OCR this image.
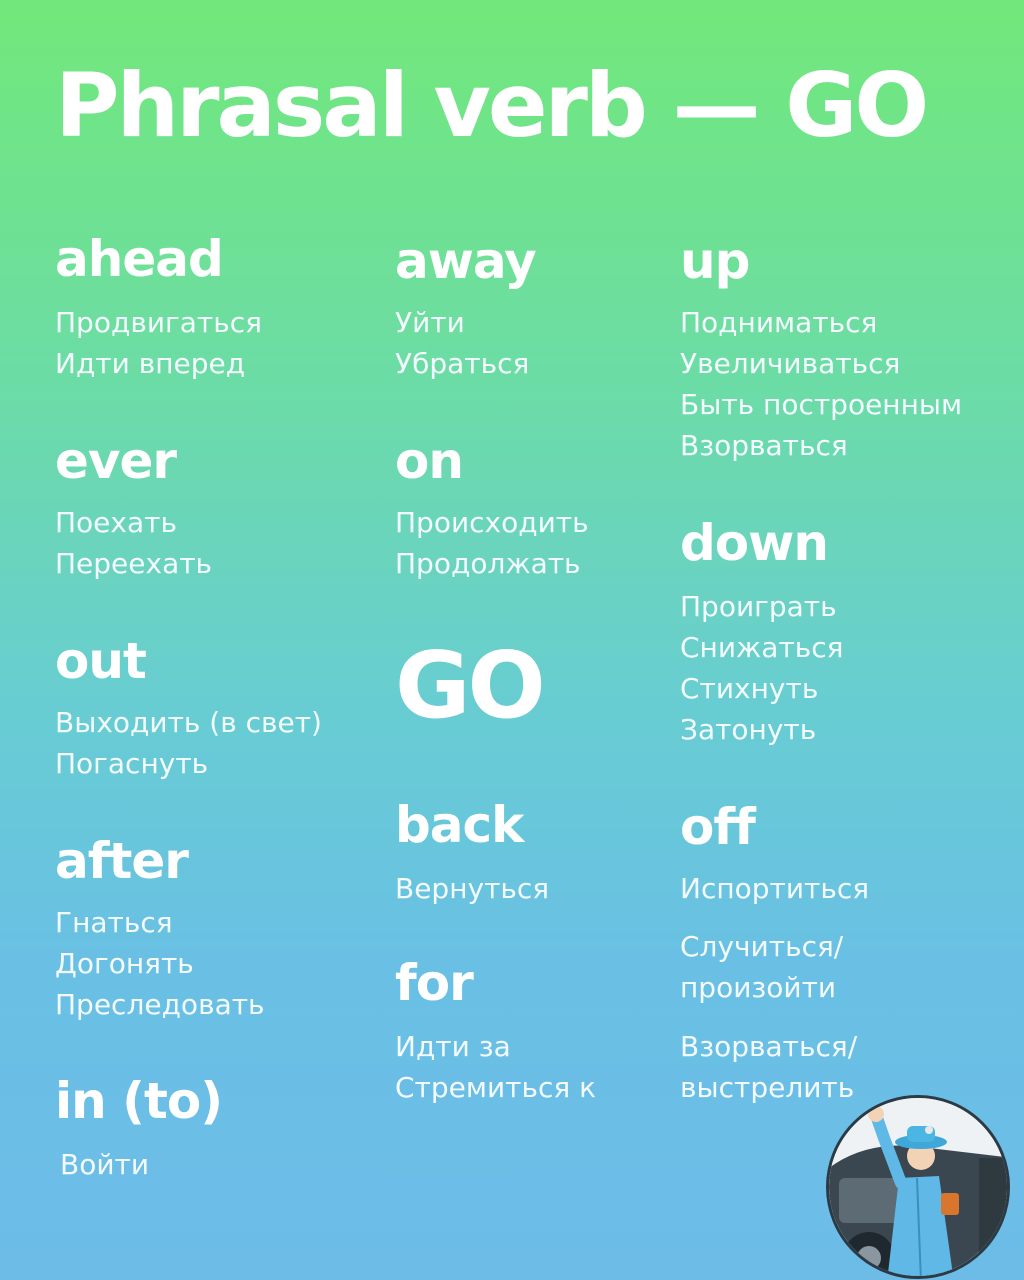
Phrasal verb — GO
ahead
Продвигаться
Идти вперед
ever
Поехать
Переехать
out
Выходить (в свет)
Погаснуть
after
Гнаться
Догонять
Преследовать
in (to)
Войти
away
Уйти
Убраться
on
Происходить
Продолжать
GO
back
Вернуться
for
Идти за
Стремиться к
up
Подниматься
Увеличиваться
Быть построенным
Взорваться
down
Проиграть
Снижаться
Стихнуть
Затонуть
off
Испортиться
Случиться/
произойти
Взорваться/
выстрелить
